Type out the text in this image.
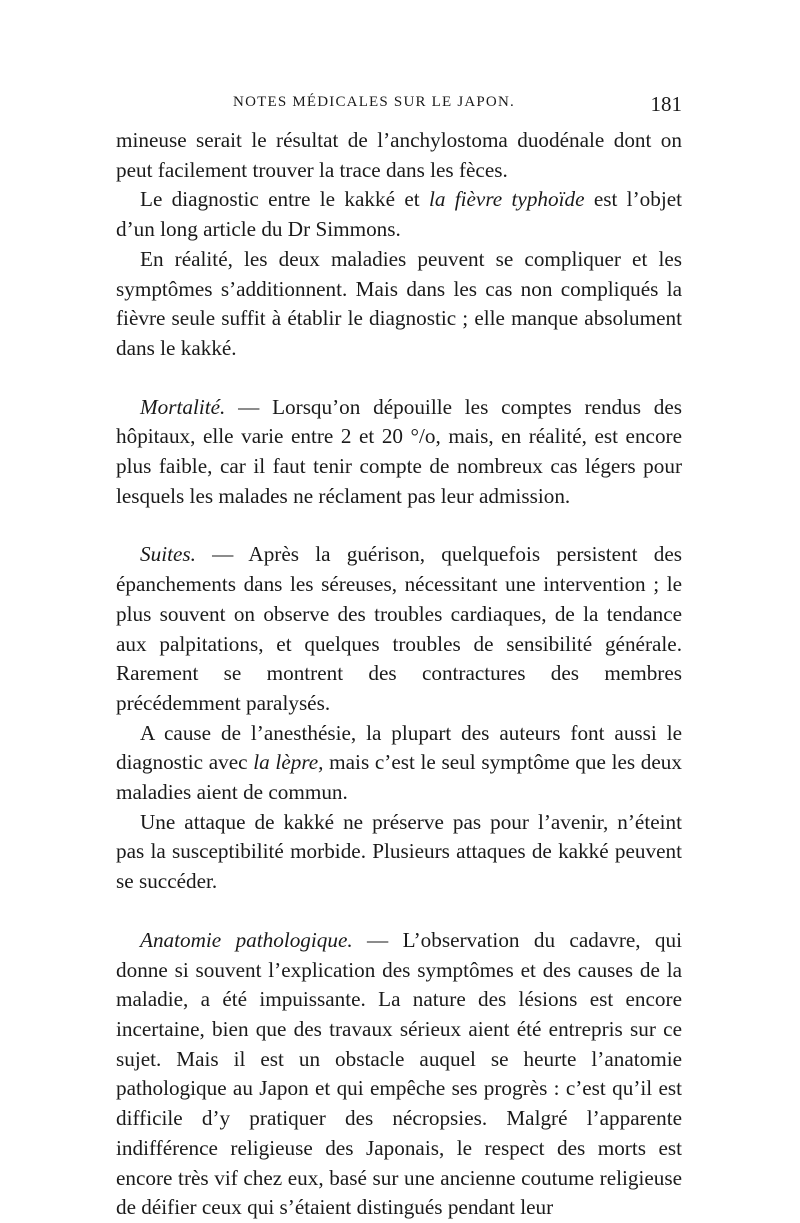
NOTES MÉDICALES SUR LE JAPON.	181

mineuse serait le résultat de l’anchylostoma duodénale dont on peut facilement trouver la trace dans les fèces.

Le diagnostic entre le kakké et la fièvre typhoïde est l’objet d’un long article du Dr Simmons.

En réalité, les deux maladies peuvent se compliquer et les symptômes s’additionnent. Mais dans les cas non compliqués la fièvre seule suffit à établir le diagnostic ; elle manque absolument dans le kakké.

Mortalité. — Lorsqu’on dépouille les comptes rendus des hôpitaux, elle varie entre 2 et 20 °/o, mais, en réalité, est encore plus faible, car il faut tenir compte de nombreux cas légers pour lesquels les malades ne réclament pas leur admission.

Suites. — Après la guérison, quelquefois persistent des épanchements dans les séreuses, nécessitant une intervention ; le plus souvent on observe des troubles cardiaques, de la tendance aux palpitations, et quelques troubles de sensibilité générale. Rarement se montrent des contractures des membres précédemment paralysés.

A cause de l’anesthésie, la plupart des auteurs font aussi le diagnostic avec la lèpre, mais c’est le seul symptôme que les deux maladies aient de commun.

Une attaque de kakké ne préserve pas pour l’avenir, n’éteint pas la susceptibilité morbide. Plusieurs attaques de kakké peuvent se succéder.

Anatomie pathologique. — L’observation du cadavre, qui donne si souvent l’explication des symptômes et des causes de la maladie, a été impuissante. La nature des lésions est encore incertaine, bien que des travaux sérieux aient été entrepris sur ce sujet. Mais il est un obstacle auquel se heurte l’anatomie pathologique au Japon et qui empêche ses progrès : c’est qu’il est difficile d’y pratiquer des nécropsies. Malgré l’apparente indifférence religieuse des Japonais, le respect des morts est encore très vif chez eux, basé sur une ancienne coutume religieuse de déifier ceux qui s’étaient distingués pendant leur
